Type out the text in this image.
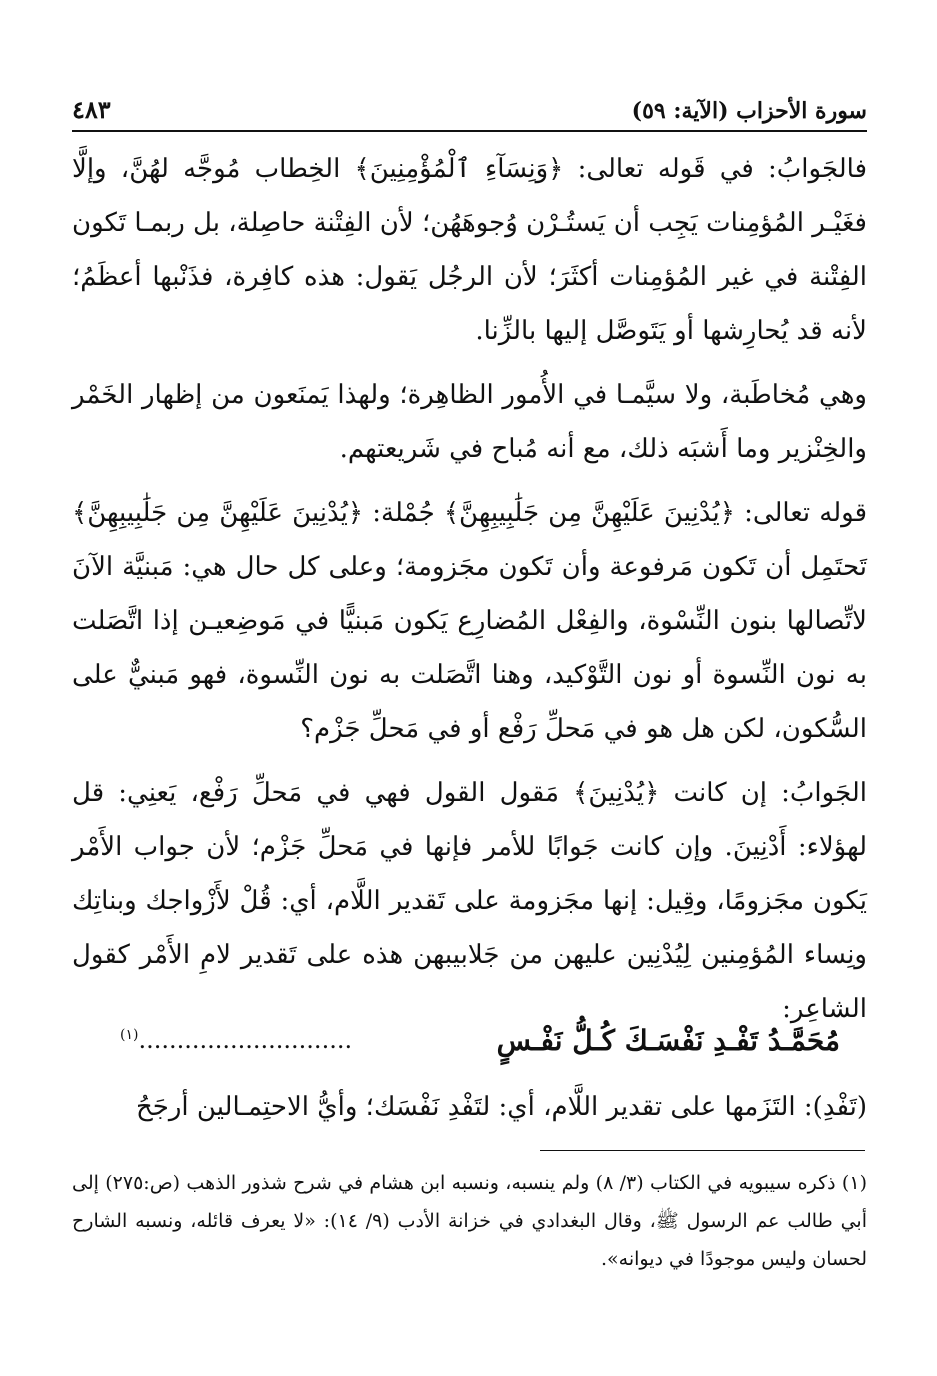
سورة الأحزاب (الآية: ٥٩)
٤٨٣

فالجَوابُ: في قَوله تعالى: ﴿وَنِسَآءِ ٱلْمُؤْمِنِينَ﴾ الخِطاب مُوجَّه لهُنَّ، وإلَّا فغَيْـر المُؤمِنات يَجِب أن يَستُـرْن وُجوهَهُن؛ لأن الفِتْنة حاصِلة، بل ربمـا تَكون الفِتْنة في غير المُؤمِنات أكثَرَ؛ لأن الرجُل يَقول: هذه كافِرة، فذَنْبها أعظَمُ؛ لأنه قد يُحارِشها أو يَتَوصَّل إليها بالزِّنا.

وهي مُخاطَبة، ولا سيَّمـا في الأُمور الظاهِرة؛ ولهذا يَمنَعون من إظهار الخَمْر والخِنْزير وما أَشبَه ذلك، مع أنه مُباح في شَريعتهم.

قوله تعالى: ﴿يُدْنِينَ عَلَيْهِنَّ مِن جَلَٰبِيبِهِنَّ﴾ جُمْلة: ﴿يُدْنِينَ عَلَيْهِنَّ مِن جَلَٰبِيبِهِنَّ﴾ تَحتَمِل أن تَكون مَرفوعة وأن تَكون مجَزومة؛ وعلى كل حال هي: مَبنيَّة الآنَ لاتِّصالها بنون النِّسْوة، والفِعْل المُضارِع يَكون مَبنيًّا في مَوضِعيـن إذا اتَّصَلت به نون النِّسوة أو نون التَّوْكيد، وهنا اتَّصَلت به نون النِّسوة، فهو مَبنيٌّ على السُّكون، لكن هل هو في مَحلِّ رَفْع أو في مَحلِّ جَزْم؟

الجَوابُ: إن كانت ﴿يُدْنِينَ﴾ مَقول القول فهي في مَحلِّ رَفْع، يَعنِي: قل لهؤلاء: أَدْنِينَ. وإن كانت جَوابًا للأمر فإنها في مَحلِّ جَزْم؛ لأن جواب الأَمْر يَكون مجَزومًا، وقِيل: إنها مجَزومة على تَقدير اللَّام، أي: قُلْ لأَزْواجك وبناتِك ونِساء المُؤمِنين لِيُدْنِين عليهن من جَلابيبهن هذه على تَقدير لامِ الأَمْر كقول الشاعِر:

مُحَمَّـدُ تَفْـدِ نَفْسَـكَ كُـلُّ نَفْـسٍ
............................$^{(١)}$
(تَفْدِ): التَزَمها على تقدير اللَّام، أي: لتَفْدِ نَفْسَك؛ وأيُّ الاحتِمـالين أرجَحُ

(١) ذكره سيبويه في الكتاب (٣/ ٨) ولم ينسبه، ونسبه ابن هشام في شرح شذور الذهب (ص:٢٧٥) إلى أبي طالب عم الرسول ﷺ، وقال البغدادي في خزانة الأدب (٩/ ١٤): «لا يعرف قائله، ونسبه الشارح لحسان وليس موجودًا في ديوانه».
